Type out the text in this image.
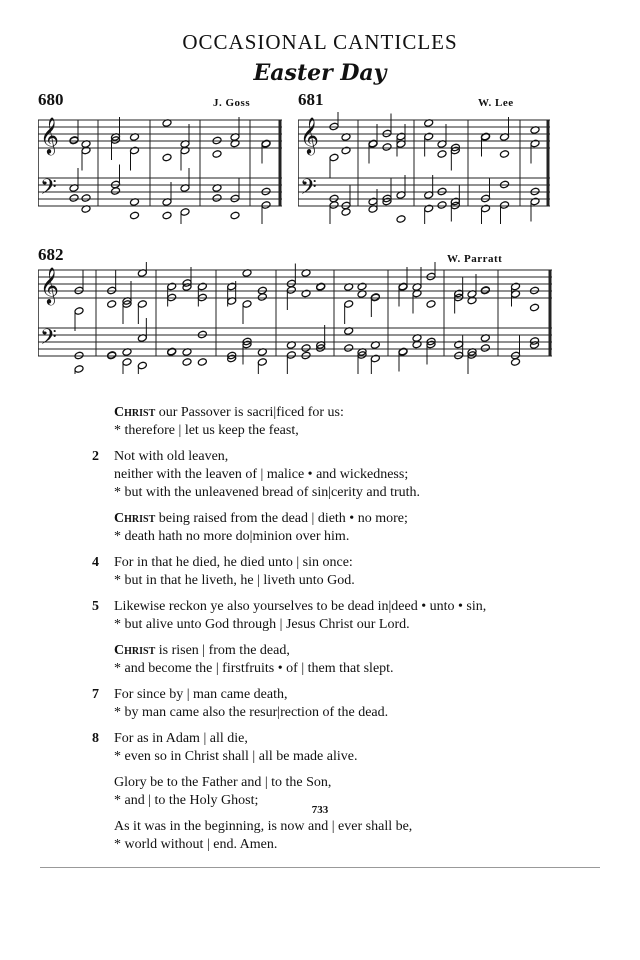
OCCASIONAL CANTICLES
Easter Day
680	J. Goss	681	W. Lee
682	W. Parratt
𝄞
𝄢
𝄞
𝄢
𝄞
𝄢
Christ our Passover is sacri|ficed for us:
* therefore | let us keep the feast,
2	Not with old leaven,
neither with the leaven of | malice • and wickedness;
* but with the unleavened bread of sin|cerity and truth.
Christ being raised from the dead | dieth • no more;
* death hath no more do|minion over him.
4	For in that he died, he died unto | sin once:
* but in that he liveth, he | liveth unto God.
5	Likewise reckon ye also yourselves to be dead in|deed • unto • sin,
* but alive unto God through | Jesus Christ our Lord.
Christ is risen | from the dead,
* and become the | firstfruits • of | them that slept.
7	For since by | man came death,
* by man came also the resur|rection of the dead.
8	For as in Adam | all die,
* even so in Christ shall | all be made alive.
Glory be to the Father and | to the Son,
* and | to the Holy Ghost;
As it was in the beginning, is now and | ever shall be,
* world without | end. Amen.
733
